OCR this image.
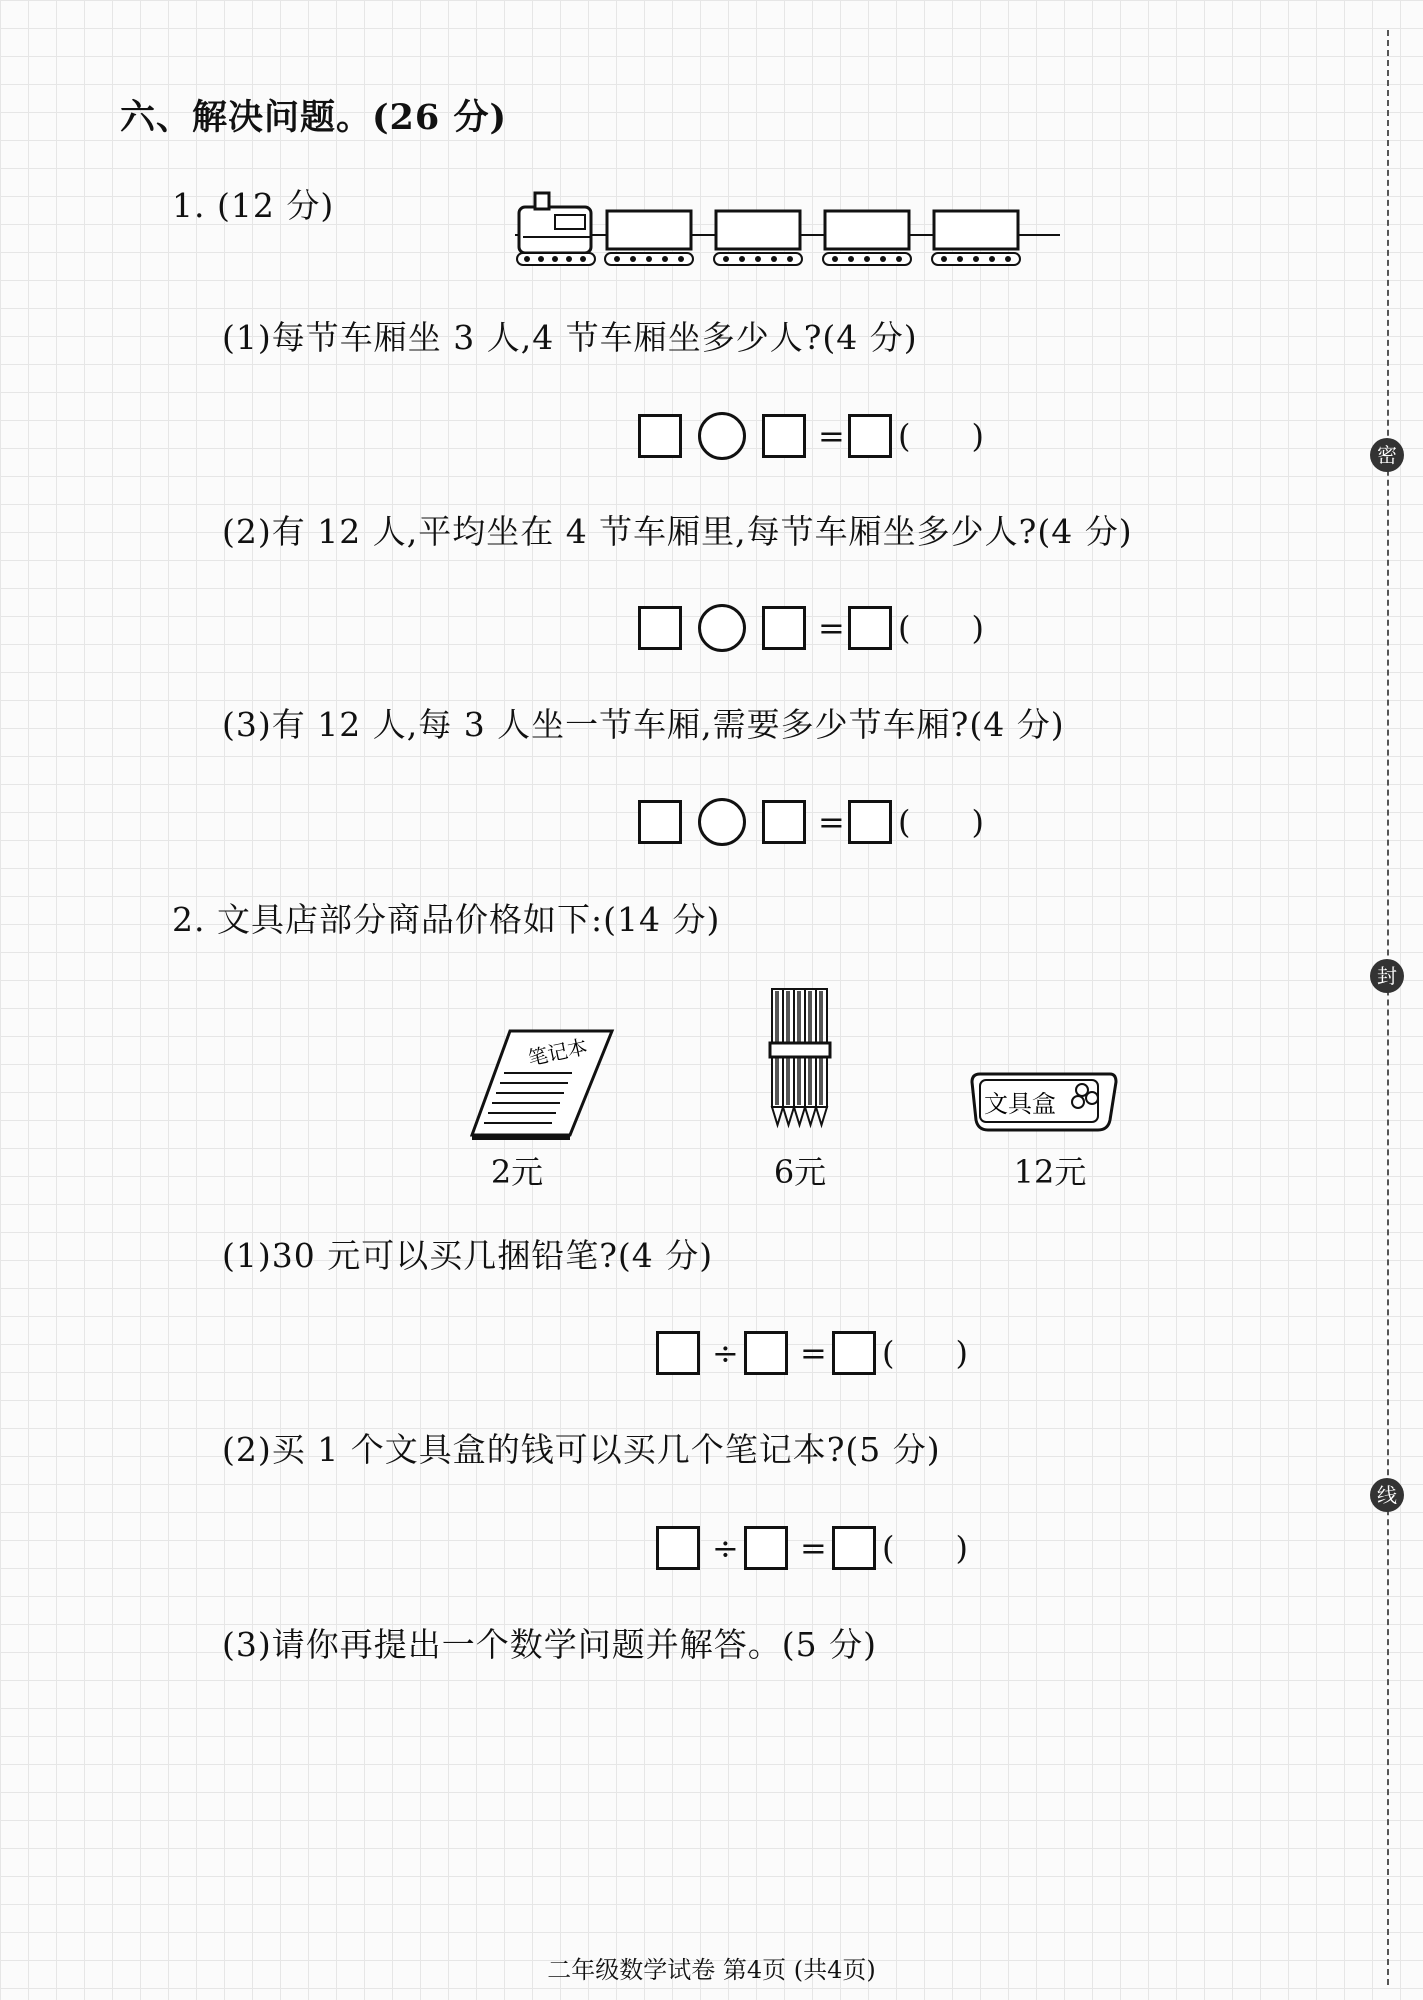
六、解决问题。(26 分)
1. (12 分)
(1)每节车厢坐 3 人,4 节车厢坐多少人?(4 分)
= (      )
(2)有 12 人,平均坐在 4 节车厢里,每节车厢坐多少人?(4 分)
= (      )
(3)有 12 人,每 3 人坐一节车厢,需要多少节车厢?(4 分)
= (      )
2. 文具店部分商品价格如下:(14 分)
笔记本
文具盒
2元	6元	12元
(1)30 元可以买几捆铅笔?(4 分)
÷ = (      )
(2)买 1 个文具盒的钱可以买几个笔记本?(5 分)
÷ = (      )
(3)请你再提出一个数学问题并解答。(5 分)
密
封
线
二年级数学试卷 第4页 (共4页)
